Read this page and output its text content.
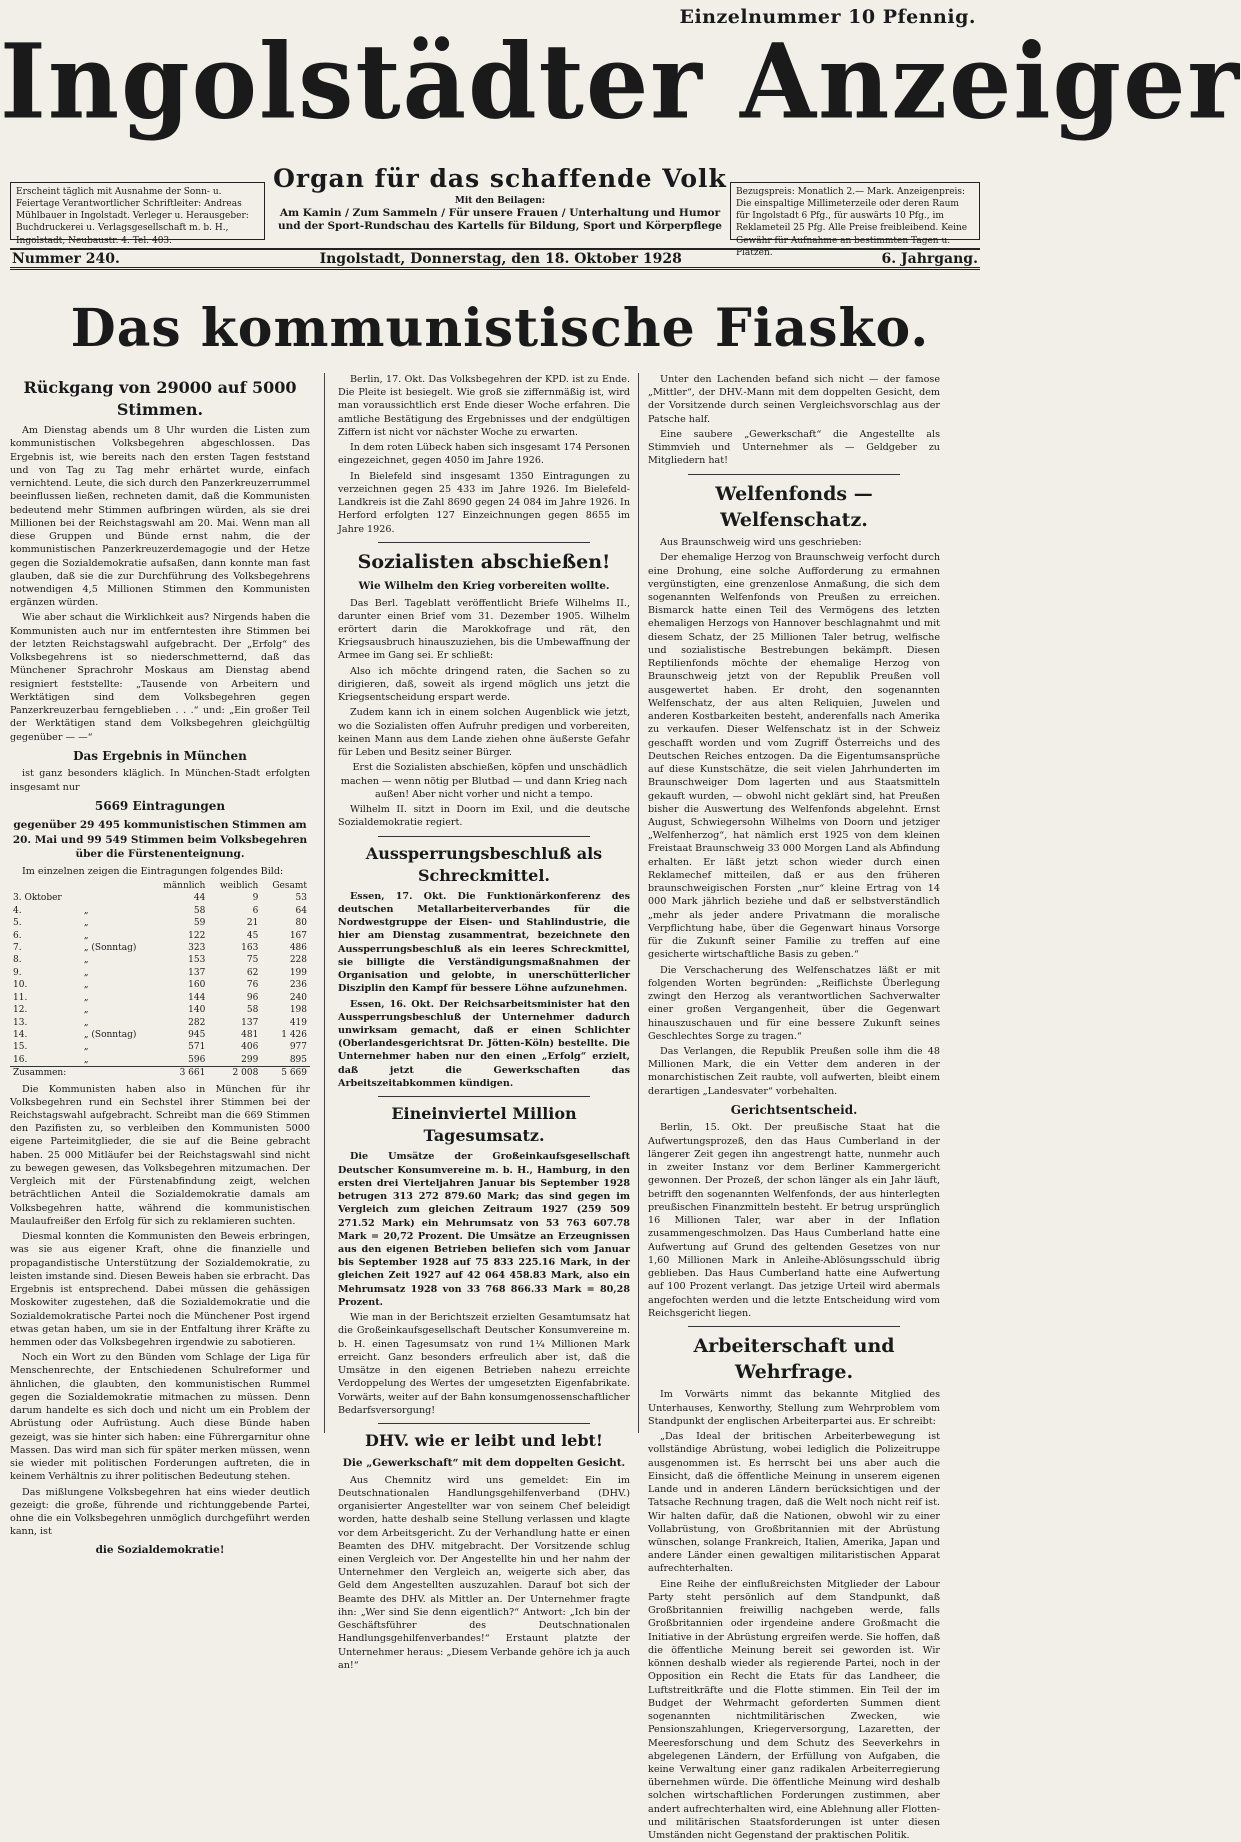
Einzelnummer 10 Pfennig.
Ingolstädter Anzeiger
Organ für das schaffende Volk
Erscheint täglich mit Ausnahme der Sonn- u. Feiertage Verantwortlicher Schriftleiter: Andreas Mühlbauer in Ingolstadt. Verleger u. Herausgeber: Buchdruckerei u. Verlagsgesellschaft m. b. H., Ingolstadt, Neubaustr. 4. Tel. 403.
Mit den Beilagen:
Am Kamin / Zum Sammeln / Für unsere Frauen / Unterhaltung und Humor und der Sport-Rundschau des Kartells für Bildung, Sport und Körperpflege
Bezugspreis: Monatlich 2.— Mark. Anzeigenpreis: Die einspaltige Millimeterzeile oder deren Raum für Ingolstadt 6 Pfg., für auswärts 10 Pfg., im Reklameteil 25 Pfg. Alle Preise freibleibend. Keine Gewähr für Aufnahme an bestimmten Tagen u. Plätzen.
Nummer 240.	Ingolstadt, Donnerstag, den 18. Oktober 1928	6. Jahrgang.
Das kommunistische Fiasko.
Rückgang von 29000 auf 5000 Stimmen.

Am Dienstag abends um 8 Uhr wurden die Listen zum kommunistischen Volksbegehren abgeschlossen. Das Ergebnis ist, wie bereits nach den ersten Tagen feststand und von Tag zu Tag mehr erhärtet wurde, einfach vernichtend. Leute, die sich durch den Panzerkreuzerrummel beeinflussen ließen, rechneten damit, daß die Kommunisten bedeutend mehr Stimmen aufbringen würden, als sie drei Millionen bei der Reichstagswahl am 20. Mai. Wenn man all diese Gruppen und Bünde ernst nahm, die der kommunistischen Panzerkreuzerdemagogie und der Hetze gegen die Sozialdemokratie aufsaßen, dann konnte man fast glauben, daß sie die zur Durchführung des Volksbegehrens notwendigen 4,5 Millionen Stimmen den Kommunisten ergänzen würden.

Wie aber schaut die Wirklichkeit aus? Nirgends haben die Kommunisten auch nur im entferntesten ihre Stimmen bei der letzten Reichstagswahl aufgebracht. Der „Erfolg“ des Volksbegehrens ist so niederschmetternd, daß das Münchener Sprachrohr Moskaus am Dienstag abend resigniert feststellte: „Tausende von Arbeitern und Werktätigen sind dem Volksbegehren gegen Panzerkreuzerbau ferngeblieben . . .“ und: „Ein großer Teil der Werktätigen stand dem Volksbegehren gleichgültig gegenüber — —“

Das Ergebnis in München

ist ganz besonders kläglich. In München-Stadt erfolgten insgesamt nur

5669 Eintragungen
gegenüber 29 495 kommunistischen Stimmen am 20. Mai und 99 549 Stimmen beim Volksbegehren über die Fürstenenteignung.

Im einzelnen zeigen die Eintragungen folgendes Bild:

		männlich	weiblich	Gesamt
3. Oktober		44	9	53
4.	„	58	6	64
5.	„	59	21	80
6.	„	122	45	167
7.	„ (Sonntag)	323	163	486
8.	„	153	75	228
9.	„	137	62	199
10.	„	160	76	236
11.	„	144	96	240
12.	„	140	58	198
13.	„	282	137	419
14.	„ (Sonntag)	945	481	1 426
15.	„	571	406	977
16.	„	596	299	895
Zusammen:		3 661	2 008	5 669

Die Kommunisten haben also in München für ihr Volksbegehren rund ein Sechstel ihrer Stimmen bei der Reichstagswahl aufgebracht. Schreibt man die 669 Stimmen den Pazifisten zu, so verbleiben den Kommunisten 5000 eigene Parteimitglieder, die sie auf die Beine gebracht haben. 25 000 Mitläufer bei der Reichstagswahl sind nicht zu bewegen gewesen, das Volksbegehren mitzumachen. Der Vergleich mit der Fürstenabfindung zeigt, welchen beträchtlichen Anteil die Sozialdemokratie damals am Volksbegehren hatte, während die kommunistischen Maulaufreißer den Erfolg für sich zu reklamieren suchten.

Diesmal konnten die Kommunisten den Beweis erbringen, was sie aus eigener Kraft, ohne die finanzielle und propagandistische Unterstützung der Sozialdemokratie, zu leisten imstande sind. Diesen Beweis haben sie erbracht. Das Ergebnis ist entsprechend. Dabei müssen die gehässigen Moskowiter zugestehen, daß die Sozialdemokratie und die Sozialdemokratische Partei noch die Münchener Post irgend etwas getan haben, um sie in der Entfaltung ihrer Kräfte zu hemmen oder das Volksbegehren irgendwie zu sabotieren.

Noch ein Wort zu den Bünden vom Schlage der Liga für Menschenrechte, der Entschiedenen Schulreformer und ähnlichen, die glaubten, den kommunistischen Rummel gegen die Sozialdemokratie mitmachen zu müssen. Denn darum handelte es sich doch und nicht um ein Problem der Abrüstung oder Aufrüstung. Auch diese Bünde haben gezeigt, was sie hinter sich haben: eine Führergarnitur ohne Massen. Das wird man sich für später merken müssen, wenn sie wieder mit politischen Forderungen auftreten, die in keinem Verhältnis zu ihrer politischen Bedeutung stehen.

Das mißlungene Volksbegehren hat eins wieder deutlich gezeigt: die große, führende und richtunggebende Partei, ohne die ein Volksbegehren unmöglich durchgeführt werden kann, ist

die Sozialdemokratie!

Berlin, 17. Okt. Das Volksbegehren der KPD. ist zu Ende. Die Pleite ist besiegelt. Wie groß sie ziffernmäßig ist, wird man voraussichtlich erst Ende dieser Woche erfahren. Die amtliche Bestätigung des Ergebnisses und der endgültigen Ziffern ist nicht vor nächster Woche zu erwarten.

In dem roten Lübeck haben sich insgesamt 174 Personen eingezeichnet, gegen 4050 im Jahre 1926.

In Bielefeld sind insgesamt 1350 Eintragungen zu verzeichnen gegen 25 433 im Jahre 1926. Im Bielefeld-Landkreis ist die Zahl 8690 gegen 24 084 im Jahre 1926. In Herford erfolgten 127 Einzeichnungen gegen 8655 im Jahre 1926.

Sozialisten abschießen!
Wie Wilhelm den Krieg vorbereiten wollte.

Das Berl. Tageblatt veröffentlicht Briefe Wilhelms II., darunter einen Brief vom 31. Dezember 1905. Wilhelm erörtert darin die Marokkofrage und rät, den Kriegsausbruch hinauszuziehen, bis die Umbewaffnung der Armee im Gang sei. Er schließt:

Also ich möchte dringend raten, die Sachen so zu dirigieren, daß, soweit als irgend möglich uns jetzt die Kriegsentscheidung erspart werde.

Zudem kann ich in einem solchen Augenblick wie jetzt, wo die Sozialisten offen Aufruhr predigen und vorbereiten, keinen Mann aus dem Lande ziehen ohne äußerste Gefahr für Leben und Besitz seiner Bürger.

Erst die Sozialisten abschießen, köpfen und unschädlich machen — wenn nötig per Blutbad — und dann Krieg nach außen! Aber nicht vorher und nicht a tempo.

Wilhelm II. sitzt in Doorn im Exil, und die deutsche Sozialdemokratie regiert.

Aussperrungsbeschluß als Schreckmittel.

Essen, 17. Okt. Die Funktionärkonferenz des deutschen Metallarbeiterverbandes für die Nordwestgruppe der Eisen- und Stahlindustrie, die hier am Dienstag zusammentrat, bezeichnete den Aussperrungsbeschluß als ein leeres Schreckmittel, sie billigte die Verständigungsmaßnahmen der Organisation und gelobte, in unerschütterlicher Disziplin den Kampf für bessere Löhne aufzunehmen.

Essen, 16. Okt. Der Reichsarbeitsminister hat den Aussperrungsbeschluß der Unternehmer dadurch unwirksam gemacht, daß er einen Schlichter (Oberlandesgerichtsrat Dr. Jötten-Köln) bestellte. Die Unternehmer haben nur den einen „Erfolg“ erzielt, daß jetzt die Gewerkschaften das Arbeitszeitabkommen kündigen.

Eineinviertel Million Tagesumsatz.

Die Umsätze der Großeinkaufsgesellschaft Deutscher Konsumvereine m. b. H., Hamburg, in den ersten drei Vierteljahren Januar bis September 1928 betrugen 313 272 879.60 Mark; das sind gegen im Vergleich zum gleichen Zeitraum 1927 (259 509 271.52 Mark) ein Mehrumsatz von 53 763 607.78 Mark = 20,72 Prozent. Die Umsätze an Erzeugnissen aus den eigenen Betrieben beliefen sich vom Januar bis September 1928 auf 75 833 225.16 Mark, in der gleichen Zeit 1927 auf 42 064 458.83 Mark, also ein Mehrumsatz 1928 von 33 768 866.33 Mark = 80,28 Prozent.

Wie man in der Berichtszeit erzielten Gesamtumsatz hat die Großeinkaufsgesellschaft Deutscher Konsumvereine m. b. H. einen Tagesumsatz von rund 1¼ Millionen Mark erreicht. Ganz besonders erfreulich aber ist, daß die Umsätze in den eigenen Betrieben nahezu erreichte Verdoppelung des Wertes der umgesetzten Eigenfabrikate. Vorwärts, weiter auf der Bahn konsumgenossenschaftlicher Bedarfsversorgung!

DHV. wie er leibt und lebt!
Die „Gewerkschaft“ mit dem doppelten Gesicht.

Aus Chemnitz wird uns gemeldet: Ein im Deutschnationalen Handlungsgehilfenverband (DHV.) organisierter Angestellter war von seinem Chef beleidigt worden, hatte deshalb seine Stellung verlassen und klagte vor dem Arbeitsgericht. Zu der Verhandlung hatte er einen Beamten des DHV. mitgebracht. Der Vorsitzende schlug einen Vergleich vor. Der Angestellte hin und her nahm der Unternehmer den Vergleich an, weigerte sich aber, das Geld dem Angestellten auszuzahlen. Darauf bot sich der Beamte des DHV. als Mittler an. Der Unternehmer fragte ihn: „Wer sind Sie denn eigentlich?“ Antwort: „Ich bin der Geschäftsführer des Deutschnationalen Handlungsgehilfenverbandes!“ Erstaunt platzte der Unternehmer heraus: „Diesem Verbande gehöre ich ja auch an!“

Unter den Lachenden befand sich nicht — der famose „Mittler“, der DHV.-Mann mit dem doppelten Gesicht, dem der Vorsitzende durch seinen Vergleichsvorschlag aus der Patsche half.

Eine saubere „Gewerkschaft“ die Angestellte als Stimmvieh und Unternehmer als — Geldgeber zu Mitgliedern hat!

Welfenfonds — Welfenschatz.

Aus Braunschweig wird uns geschrieben:

Der ehemalige Herzog von Braunschweig verfocht durch eine Drohung, eine solche Aufforderung zu ermahnen vergünstigten, eine grenzenlose Anmaßung, die sich dem sogenannten Welfenfonds von Preußen zu erreichen. Bismarck hatte einen Teil des Vermögens des letzten ehemaligen Herzogs von Hannover beschlagnahmt und mit diesem Schatz, der 25 Millionen Taler betrug, welfische und sozialistische Bestrebungen bekämpft. Diesen Reptilienfonds möchte der ehemalige Herzog von Braunschweig jetzt von der Republik Preußen voll ausgewertet haben. Er droht, den sogenannten Welfenschatz, der aus alten Reliquien, Juwelen und anderen Kostbarkeiten besteht, anderenfalls nach Amerika zu verkaufen. Dieser Welfenschatz ist in der Schweiz geschafft worden und vom Zugriff Österreichs und des Deutschen Reiches entzogen. Da die Eigentumsansprüche auf diese Kunstschätze, die seit vielen Jahrhunderten im Braunschweiger Dom lagerten und aus Staatsmitteln gekauft wurden, — obwohl nicht geklärt sind, hat Preußen bisher die Auswertung des Welfenfonds abgelehnt. Ernst August, Schwiegersohn Wilhelms von Doorn und jetziger „Welfenherzog“, hat nämlich erst 1925 von dem kleinen Freistaat Braunschweig 33 000 Morgen Land als Abfindung erhalten. Er läßt jetzt schon wieder durch einen Reklamechef mitteilen, daß er aus den früheren braunschweigischen Forsten „nur“ kleine Ertrag von 14 000 Mark jährlich beziehe und daß er selbstverständlich „mehr als jeder andere Privatmann die moralische Verpflichtung habe, über die Gegenwart hinaus Vorsorge für die Zukunft seiner Familie zu treffen auf eine gesicherte wirtschaftliche Basis zu geben.“

Die Verschacherung des Welfenschatzes läßt er mit folgenden Worten begründen: „Reiflichste Überlegung zwingt den Herzog als verantwortlichen Sachverwalter einer großen Vergangenheit, über die Gegenwart hinauszuschauen und für eine bessere Zukunft seines Geschlechtes Sorge zu tragen.“

Das Verlangen, die Republik Preußen solle ihm die 48 Millionen Mark, die ein Vetter dem anderen in der monarchistischen Zeit raubte, voll aufwerten, bleibt einem derartigen „Landesvater“ vorbehalten.

Gerichtsentscheid.

Berlin, 15. Okt. Der preußische Staat hat die Aufwertungsprozeß, den das Haus Cumberland in der längerer Zeit gegen ihn angestrengt hatte, nunmehr auch in zweiter Instanz vor dem Berliner Kammergericht gewonnen. Der Prozeß, der schon länger als ein Jahr läuft, betrifft den sogenannten Welfenfonds, der aus hinterlegten preußischen Finanzmitteln besteht. Er betrug ursprünglich 16 Millionen Taler, war aber in der Inflation zusammengeschmolzen. Das Haus Cumberland hatte eine Aufwertung auf Grund des geltenden Gesetzes von nur 1,60 Millionen Mark in Anleihe-Ablösungsschuld übrig geblieben. Das Haus Cumberland hatte eine Aufwertung auf 100 Prozent verlangt. Das jetzige Urteil wird abermals angefochten werden und die letzte Entscheidung wird vom Reichsgericht liegen.

Arbeiterschaft und Wehrfrage.

Im Vorwärts nimmt das bekannte Mitglied des Unterhauses, Kenworthy, Stellung zum Wehrproblem vom Standpunkt der englischen Arbeiterpartei aus. Er schreibt:

„Das Ideal der britischen Arbeiterbewegung ist vollständige Abrüstung, wobei lediglich die Polizeitruppe ausgenommen ist. Es herrscht bei uns aber auch die Einsicht, daß die öffentliche Meinung in unserem eigenen Lande und in anderen Ländern berücksichtigen und der Tatsache Rechnung tragen, daß die Welt noch nicht reif ist. Wir halten dafür, daß die Nationen, obwohl wir zu einer Vollabrüstung, von Großbritannien mit der Abrüstung wünschen, solange Frankreich, Italien, Amerika, Japan und andere Länder einen gewaltigen militaristischen Apparat aufrechterhalten.

Eine Reihe der einflußreichsten Mitglieder der Labour Party steht persönlich auf dem Standpunkt, daß Großbritannien freiwillig nachgeben werde, falls Großbritannien oder irgendeine andere Großmacht die Initiative in der Abrüstung ergreifen werde. Sie hoffen, daß die öffentliche Meinung bereit sei geworden ist. Wir können deshalb wieder als regierende Partei, noch in der Opposition ein Recht die Etats für das Landheer, die Luftstreitkräfte und die Flotte stimmen. Ein Teil der im Budget der Wehrmacht geforderten Summen dient sogenannten nichtmilitärischen Zwecken, wie Pensionszahlungen, Kriegerversorgung, Lazaretten, der Meeresforschung und dem Schutz des Seeverkehrs in abgelegenen Ländern, der Erfüllung von Aufgaben, die keine Verwaltung einer ganz radikalen Arbeiterregierung übernehmen würde. Die öffentliche Meinung wird deshalb solchen wirtschaftlichen Forderungen zustimmen, aber andert aufrechterhalten wird, eine Ablehnung aller Flotten- und militärischen Staatsforderungen ist unter diesen Umständen nicht Gegenstand der praktischen Politik.
